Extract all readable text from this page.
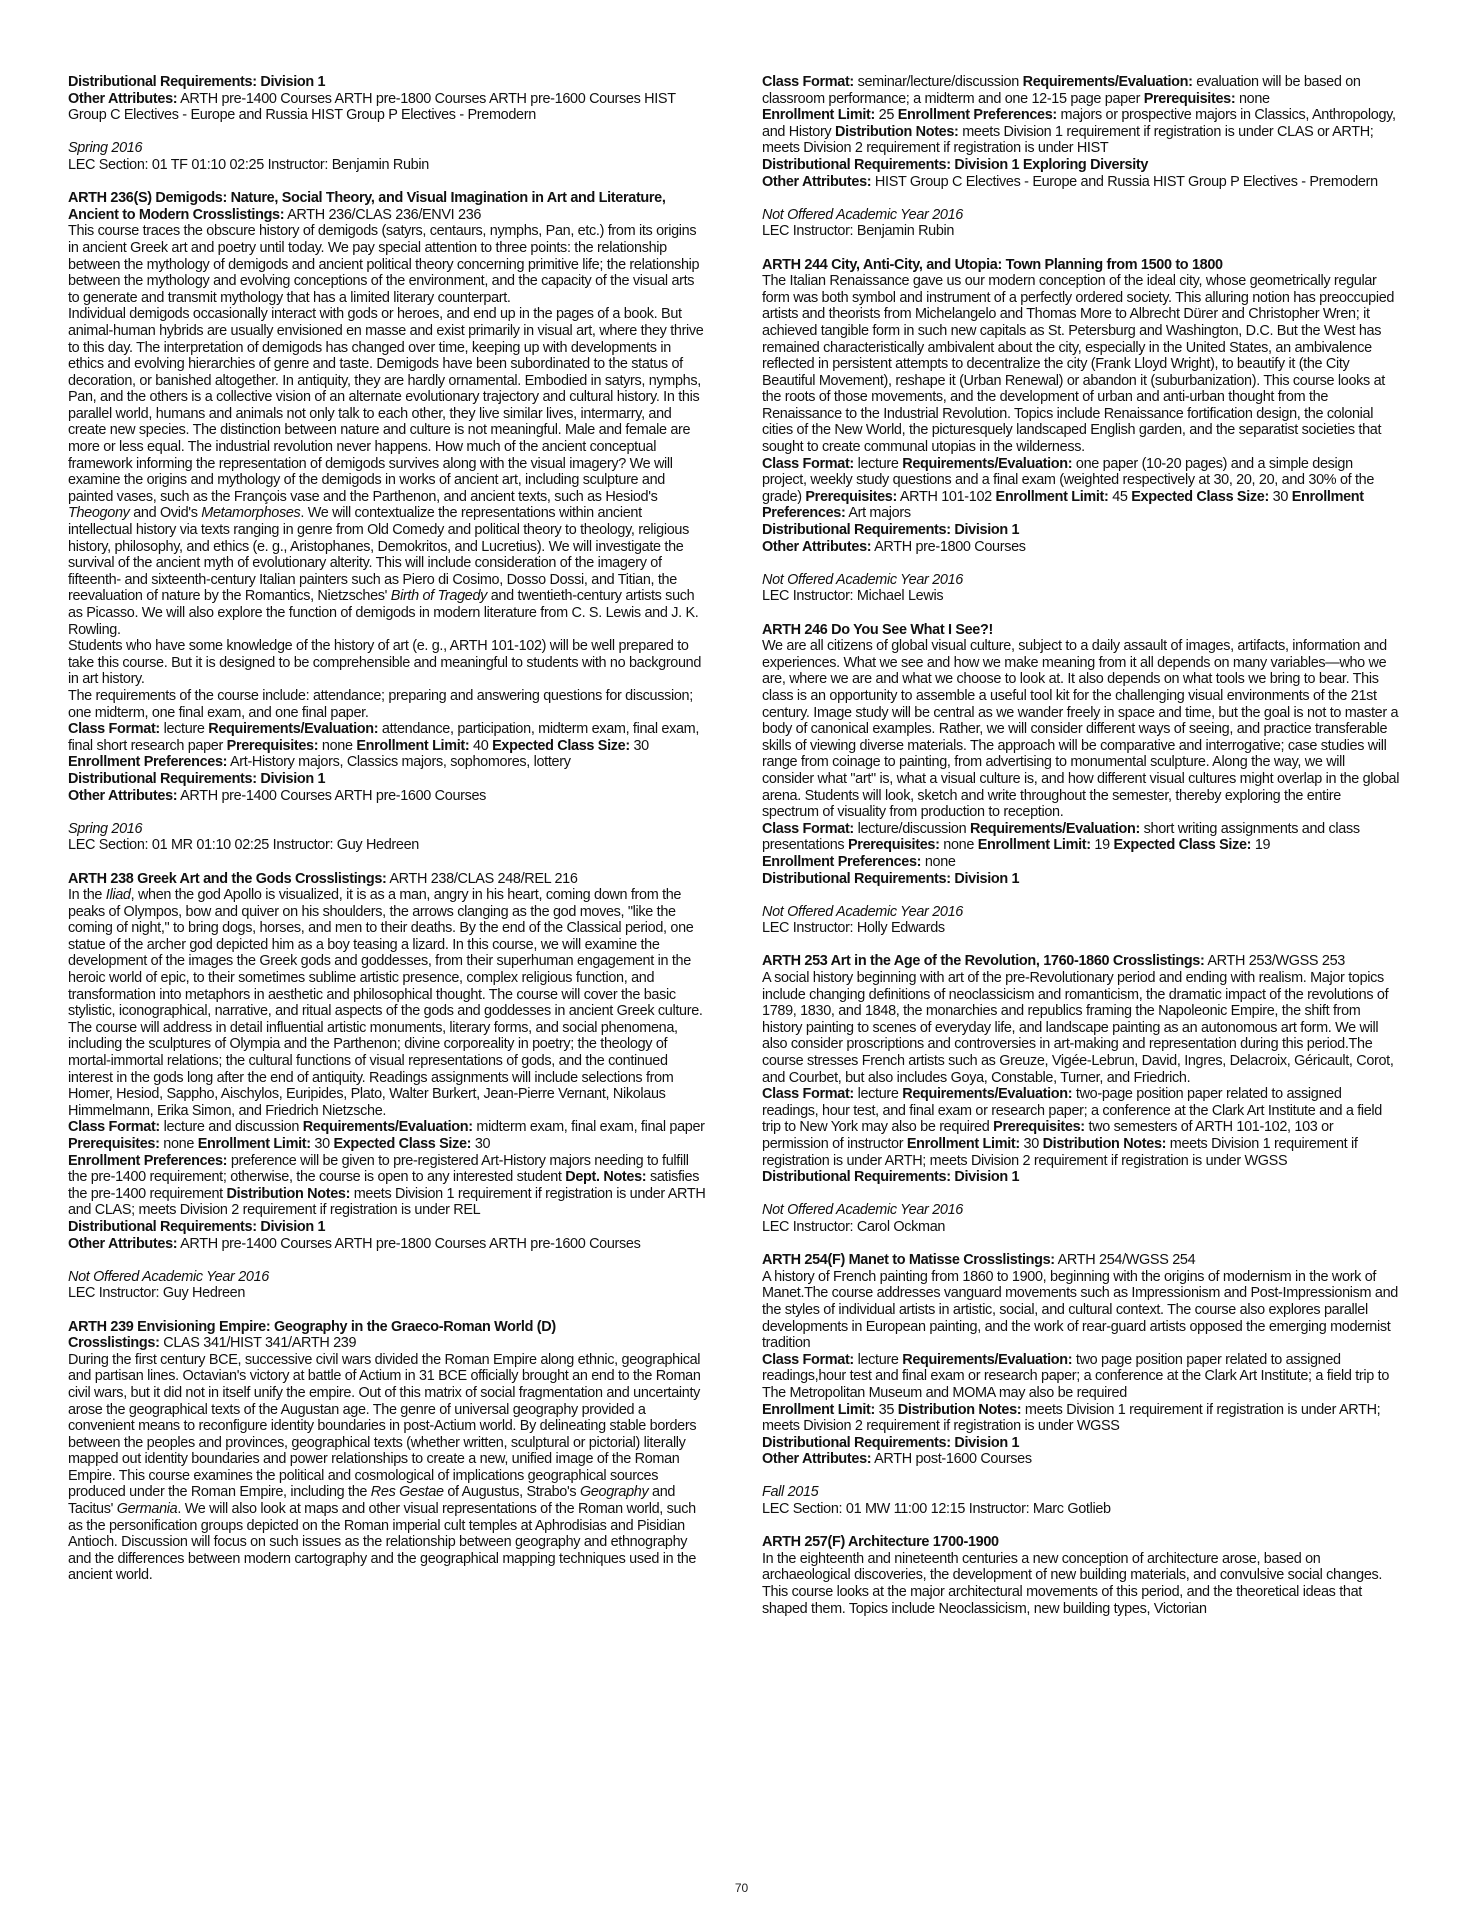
Distributional Requirements: Division 1

Other Attributes: ARTH pre-1400 Courses ARTH pre-1800 Courses ARTH pre-1600 Courses HIST Group C Electives - Europe and Russia HIST Group P Electives - Premodern

Spring 2016

LEC Section: 01 TF 01:10 02:25 Instructor: Benjamin Rubin

ARTH 236(S) Demigods: Nature, Social Theory, and Visual Imagination in Art and Literature, Ancient to Modern Crosslistings: ARTH 236/CLAS 236/ENVI 236

This course traces the obscure history of demigods (satyrs, centaurs, nymphs, Pan, etc.) from its origins in ancient Greek art and poetry until today. We pay special attention to three points: the relationship between the mythology of demigods and ancient political theory concerning primitive life; the relationship between the mythology and evolving conceptions of the environment, and the capacity of the visual arts to generate and transmit mythology that has a limited literary counterpart.

Individual demigods occasionally interact with gods or heroes, and end up in the pages of a book. But animal-human hybrids are usually envisioned en masse and exist primarily in visual art, where they thrive to this day. The interpretation of demigods has changed over time, keeping up with developments in ethics and evolving hierarchies of genre and taste. Demigods have been subordinated to the status of decoration, or banished altogether. In antiquity, they are hardly ornamental. Embodied in satyrs, nymphs, Pan, and the others is a collective vision of an alternate evolutionary trajectory and cultural history. In this parallel world, humans and animals not only talk to each other, they live similar lives, intermarry, and create new species. The distinction between nature and culture is not meaningful. Male and female are more or less equal. The industrial revolution never happens. How much of the ancient conceptual framework informing the representation of demigods survives along with the visual imagery? We will examine the origins and mythology of the demigods in works of ancient art, including sculpture and painted vases, such as the François vase and the Parthenon, and ancient texts, such as Hesiod's Theogony and Ovid's Metamorphoses. We will contextualize the representations within ancient intellectual history via texts ranging in genre from Old Comedy and political theory to theology, religious history, philosophy, and ethics (e. g., Aristophanes, Demokritos, and Lucretius). We will investigate the survival of the ancient myth of evolutionary alterity. This will include consideration of the imagery of fifteenth- and sixteenth-century Italian painters such as Piero di Cosimo, Dosso Dossi, and Titian, the reevaluation of nature by the Romantics, Nietzsches' Birth of Tragedy and twentieth-century artists such as Picasso. We will also explore the function of demigods in modern literature from C. S. Lewis and J. K. Rowling.

Students who have some knowledge of the history of art (e. g., ARTH 101-102) will be well prepared to take this course. But it is designed to be comprehensible and meaningful to students with no background in art history.

The requirements of the course include: attendance; preparing and answering questions for discussion; one midterm, one final exam, and one final paper.

Class Format: lecture Requirements/Evaluation: attendance, participation, midterm exam, final exam, final short research paper Prerequisites: none Enrollment Limit: 40 Expected Class Size: 30 Enrollment Preferences: Art-History majors, Classics majors, sophomores, lottery

Distributional Requirements: Division 1

Other Attributes: ARTH pre-1400 Courses ARTH pre-1600 Courses

Spring 2016

LEC Section: 01 MR 01:10 02:25 Instructor: Guy Hedreen

ARTH 238 Greek Art and the Gods Crosslistings: ARTH 238/CLAS 248/REL 216

In the Iliad, when the god Apollo is visualized, it is as a man, angry in his heart, coming down from the peaks of Olympos, bow and quiver on his shoulders, the arrows clanging as the god moves, "like the coming of night," to bring dogs, horses, and men to their deaths. By the end of the Classical period, one statue of the archer god depicted him as a boy teasing a lizard. In this course, we will examine the development of the images the Greek gods and goddesses, from their superhuman engagement in the heroic world of epic, to their sometimes sublime artistic presence, complex religious function, and transformation into metaphors in aesthetic and philosophical thought. The course will cover the basic stylistic, iconographical, narrative, and ritual aspects of the gods and goddesses in ancient Greek culture. The course will address in detail influential artistic monuments, literary forms, and social phenomena, including the sculptures of Olympia and the Parthenon; divine corporeality in poetry; the theology of mortal-immortal relations; the cultural functions of visual representations of gods, and the continued interest in the gods long after the end of antiquity. Readings assignments will include selections from Homer, Hesiod, Sappho, Aischylos, Euripides, Plato, Walter Burkert, Jean-Pierre Vernant, Nikolaus Himmelmann, Erika Simon, and Friedrich Nietzsche.

Class Format: lecture and discussion Requirements/Evaluation: midterm exam, final exam, final paper Prerequisites: none Enrollment Limit: 30 Expected Class Size: 30
Enrollment Preferences: preference will be given to pre-registered Art-History majors needing to fulfill the pre-1400 requirement; otherwise, the course is open to any interested student Dept. Notes: satisfies the pre-1400 requirement Distribution Notes: meets Division 1 requirement if registration is under ARTH and CLAS; meets Division 2 requirement if registration is under REL

Distributional Requirements: Division 1

Other Attributes: ARTH pre-1400 Courses ARTH pre-1800 Courses ARTH pre-1600 Courses

Not Offered Academic Year 2016

LEC Instructor: Guy Hedreen

ARTH 239 Envisioning Empire: Geography in the Graeco-Roman World (D)

Crosslistings: CLAS 341/HIST 341/ARTH 239

During the first century BCE, successive civil wars divided the Roman Empire along ethnic, geographical and partisan lines. Octavian's victory at battle of Actium in 31 BCE officially brought an end to the Roman civil wars, but it did not in itself unify the empire. Out of this matrix of social fragmentation and uncertainty arose the geographical texts of the Augustan age. The genre of universal geography provided a convenient means to reconfigure identity boundaries in post-Actium world. By delineating stable borders between the peoples and provinces, geographical texts (whether written, sculptural or pictorial) literally mapped out identity boundaries and power relationships to create a new, unified image of the Roman Empire. This course examines the political and cosmological of implications geographical sources produced under the Roman Empire, including the Res Gestae of Augustus, Strabo's Geography and Tacitus' Germania. We will also look at maps and other visual representations of the Roman world, such as the personification groups depicted on the Roman imperial cult temples at Aphrodisias and Pisidian Antioch. Discussion will focus on such issues as the relationship between geography and ethnography and the differences between modern cartography and the geographical mapping techniques used in the ancient world.

Class Format: seminar/lecture/discussion Requirements/Evaluation: evaluation will be based on classroom performance; a midterm and one 12-15 page paper Prerequisites: none
Enrollment Limit: 25 Enrollment Preferences: majors or prospective majors in Classics, Anthropology, and History Distribution Notes: meets Division 1 requirement if registration is under CLAS or ARTH; meets Division 2 requirement if registration is under HIST

Distributional Requirements: Division 1 Exploring Diversity

Other Attributes: HIST Group C Electives - Europe and Russia HIST Group P Electives - Premodern

Not Offered Academic Year 2016

LEC Instructor: Benjamin Rubin

ARTH 244 City, Anti-City, and Utopia: Town Planning from 1500 to 1800

The Italian Renaissance gave us our modern conception of the ideal city, whose geometrically regular form was both symbol and instrument of a perfectly ordered society. This alluring notion has preoccupied artists and theorists from Michelangelo and Thomas More to Albrecht Dürer and Christopher Wren; it achieved tangible form in such new capitals as St. Petersburg and Washington, D.C. But the West has remained characteristically ambivalent about the city, especially in the United States, an ambivalence reflected in persistent attempts to decentralize the city (Frank Lloyd Wright), to beautify it (the City Beautiful Movement), reshape it (Urban Renewal) or abandon it (suburbanization). This course looks at the roots of those movements, and the development of urban and anti-urban thought from the Renaissance to the Industrial Revolution. Topics include Renaissance fortification design, the colonial cities of the New World, the picturesquely landscaped English garden, and the separatist societies that sought to create communal utopias in the wilderness.

Class Format: lecture Requirements/Evaluation: one paper (10-20 pages) and a simple design project, weekly study questions and a final exam (weighted respectively at 30, 20, 20, and 30% of the grade) Prerequisites: ARTH 101-102 Enrollment Limit: 45 Expected Class Size: 30 Enrollment Preferences: Art majors

Distributional Requirements: Division 1

Other Attributes: ARTH pre-1800 Courses

Not Offered Academic Year 2016

LEC Instructor: Michael Lewis

ARTH 246 Do You See What I See?!

We are all citizens of global visual culture, subject to a daily assault of images, artifacts, information and experiences. What we see and how we make meaning from it all depends on many variables—who we are, where we are and what we choose to look at. It also depends on what tools we bring to bear. This class is an opportunity to assemble a useful tool kit for the challenging visual environments of the 21st century. Image study will be central as we wander freely in space and time, but the goal is not to master a body of canonical examples. Rather, we will consider different ways of seeing, and practice transferable skills of viewing diverse materials. The approach will be comparative and interrogative; case studies will range from coinage to painting, from advertising to monumental sculpture. Along the way, we will consider what "art" is, what a visual culture is, and how different visual cultures might overlap in the global arena. Students will look, sketch and write throughout the semester, thereby exploring the entire spectrum of visuality from production to reception.

Class Format: lecture/discussion Requirements/Evaluation: short writing assignments and class presentations Prerequisites: none Enrollment Limit: 19 Expected Class Size: 19
Enrollment Preferences: none

Distributional Requirements: Division 1

Not Offered Academic Year 2016

LEC Instructor: Holly Edwards

ARTH 253 Art in the Age of the Revolution, 1760-1860 Crosslistings: ARTH 253/WGSS 253

A social history beginning with art of the pre-Revolutionary period and ending with realism. Major topics include changing definitions of neoclassicism and romanticism, the dramatic impact of the revolutions of 1789, 1830, and 1848, the monarchies and republics framing the Napoleonic Empire, the shift from history painting to scenes of everyday life, and landscape painting as an autonomous art form. We will also consider proscriptions and controversies in art-making and representation during this period.The course stresses French artists such as Greuze, Vigée-Lebrun, David, Ingres, Delacroix, Géricault, Corot, and Courbet, but also includes Goya, Constable, Turner, and Friedrich.

Class Format: lecture Requirements/Evaluation: two-page position paper related to assigned readings, hour test, and final exam or research paper; a conference at the Clark Art Institute and a field trip to New York may also be required Prerequisites: two semesters of ARTH 101-102, 103 or permission of instructor Enrollment Limit: 30 Distribution Notes: meets Division 1 requirement if registration is under ARTH; meets Division 2 requirement if registration is under WGSS

Distributional Requirements: Division 1

Not Offered Academic Year 2016

LEC Instructor: Carol Ockman

ARTH 254(F) Manet to Matisse Crosslistings: ARTH 254/WGSS 254

A history of French painting from 1860 to 1900, beginning with the origins of modernism in the work of Manet.The course addresses vanguard movements such as Impressionism and Post-Impressionism and the styles of individual artists in artistic, social, and cultural context. The course also explores parallel developments in European painting, and the work of rear-guard artists opposed the emerging modernist tradition

Class Format: lecture Requirements/Evaluation: two page position paper related to assigned readings,hour test and final exam or research paper; a conference at the Clark Art Institute; a field trip to The Metropolitan Museum and MOMA may also be required
Enrollment Limit: 35 Distribution Notes: meets Division 1 requirement if registration is under ARTH; meets Division 2 requirement if registration is under WGSS

Distributional Requirements: Division 1

Other Attributes: ARTH post-1600 Courses

Fall 2015

LEC Section: 01 MW 11:00 12:15 Instructor: Marc Gotlieb

ARTH 257(F) Architecture 1700-1900

In the eighteenth and nineteenth centuries a new conception of architecture arose, based on archaeological discoveries, the development of new building materials, and convulsive social changes. This course looks at the major architectural movements of this period, and the theoretical ideas that shaped them. Topics include Neoclassicism, new building types, Victorian

70
